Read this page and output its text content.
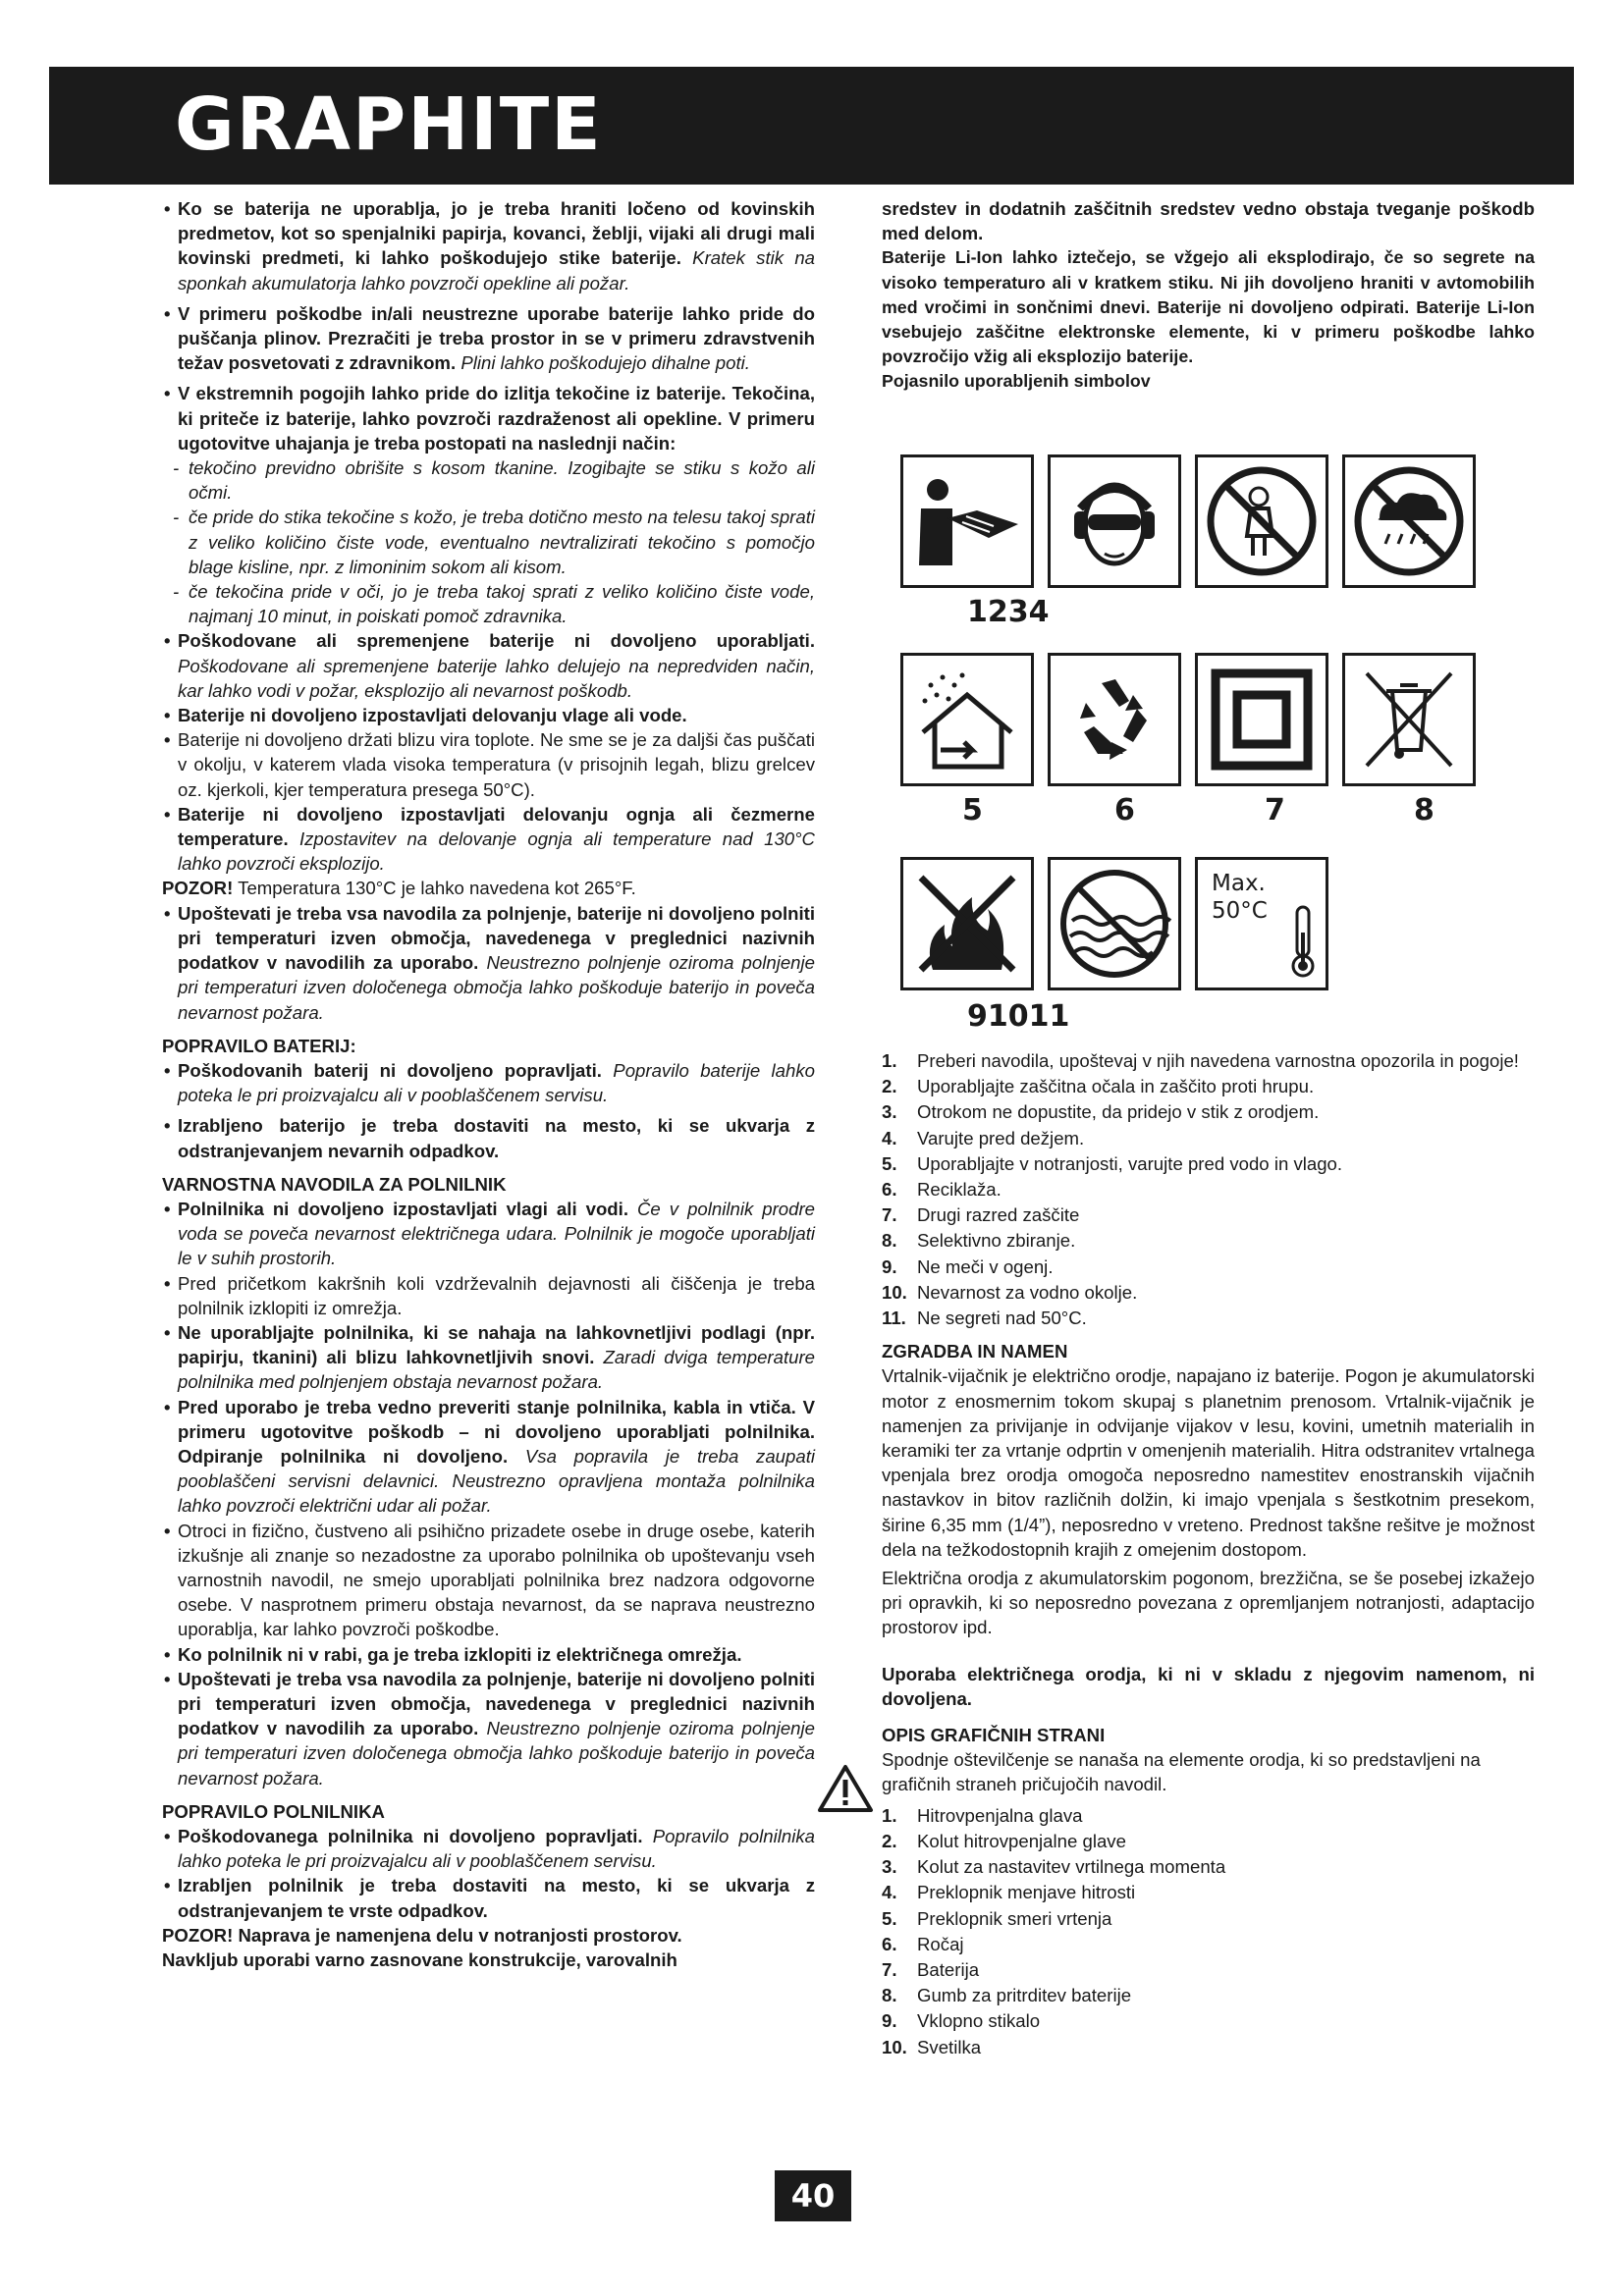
GRAPHITE

• Ko se baterija ne uporablja, jo je treba hraniti ločeno od kovinskih predmetov, kot so spenjalniki papirja, kovanci, žeblji, vijaki ali drugi mali kovinski predmeti, ki lahko poškodujejo stike baterije. Kratek stik na sponkah akumulatorja lahko povzroči opekline ali požar.

• V primeru poškodbe in/ali neustrezne uporabe baterije lahko pride do puščanja plinov. Prezračiti je treba prostor in se v primeru zdravstvenih težav posvetovati z zdravnikom. Plini lahko poškodujejo dihalne poti.

• V ekstremnih pogojih lahko pride do izlitja tekočine iz baterije. Tekočina, ki priteče iz baterije, lahko povzroči razdraženost ali opekline. V primeru ugotovitve uhajanja je treba postopati na naslednji način:

- tekočino previdno obrišite s kosom tkanine. Izogibajte se stiku s kožo ali očmi.

- če pride do stika tekočine s kožo, je treba dotično mesto na telesu takoj sprati z veliko količino čiste vode, eventualno nevtralizirati tekočino s pomočjo blage kisline, npr. z limoninim sokom ali kisom.

- če tekočina pride v oči, jo je treba takoj sprati z veliko količino čiste vode, najmanj 10 minut, in poiskati pomoč zdravnika.

• Poškodovane ali spremenjene baterije ni dovoljeno uporabljati. Poškodovane ali spremenjene baterije lahko delujejo na nepredviden način, kar lahko vodi v požar, eksplozijo ali nevarnost poškodb.

• Baterije ni dovoljeno izpostavljati delovanju vlage ali vode.

• Baterije ni dovoljeno držati blizu vira toplote. Ne sme se je za daljši čas puščati v okolju, v katerem vlada visoka temperatura (v prisojnih legah, blizu grelcev oz. kjerkoli, kjer temperatura presega 50°C).

• Baterije ni dovoljeno izpostavljati delovanju ognja ali čezmerne temperature. Izpostavitev na delovanje ognja ali temperature nad 130°C lahko povzroči eksplozijo.

POZOR! Temperatura 130°C je lahko navedena kot 265°F.

• Upoštevati je treba vsa navodila za polnjenje, baterije ni dovoljeno polniti pri temperaturi izven območja, navedenega v preglednici nazivnih podatkov v navodilih za uporabo. Neustrezno polnjenje oziroma polnjenje pri temperaturi izven določenega območja lahko poškoduje baterijo in poveča nevarnost požara.

POPRAVILO BATERIJ:

• Poškodovanih baterij ni dovoljeno popravljati. Popravilo baterije lahko poteka le pri proizvajalcu ali v pooblaščenem servisu.

• Izrabljeno baterijo je treba dostaviti na mesto, ki se ukvarja z odstranjevanjem nevarnih odpadkov.

VARNOSTNA NAVODILA ZA POLNILNIK

• Polnilnika ni dovoljeno izpostavljati vlagi ali vodi. Če v polnilnik prodre voda se poveča nevarnost električnega udara. Polnilnik je mogoče uporabljati le v suhih prostorih.

• Pred pričetkom kakršnih koli vzdrževalnih dejavnosti ali čiščenja je treba polnilnik izklopiti iz omrežja.

• Ne uporabljajte polnilnika, ki se nahaja na lahkovnetljivi podlagi (npr. papirju, tkanini) ali blizu lahkovnetljivih snovi. Zaradi dviga temperature polnilnika med polnjenjem obstaja nevarnost požara.

• Pred uporabo je treba vedno preveriti stanje polnilnika, kabla in vtiča. V primeru ugotovitve poškodb – ni dovoljeno uporabljati polnilnika. Odpiranje polnilnika ni dovoljeno. Vsa popravila je treba zaupati pooblaščeni servisni delavnici. Neustrezno opravljena montaža polnilnika lahko povzroči električni udar ali požar.

• Otroci in fizično, čustveno ali psihično prizadete osebe in druge osebe, katerih izkušnje ali znanje so nezadostne za uporabo polnilnika ob upoštevanju vseh varnostnih navodil, ne smejo uporabljati polnilnika brez nadzora odgovorne osebe. V nasprotnem primeru obstaja nevarnost, da se naprava neustrezno uporablja, kar lahko povzroči poškodbe.

• Ko polnilnik ni v rabi, ga je treba izklopiti iz električnega omrežja.

• Upoštevati je treba vsa navodila za polnjenje, baterije ni dovoljeno polniti pri temperaturi izven območja, navedenega v preglednici nazivnih podatkov v navodilih za uporabo. Neustrezno polnjenje oziroma polnjenje pri temperaturi izven določenega območja lahko poškoduje baterijo in poveča nevarnost požara.

POPRAVILO POLNILNIKA

• Poškodovanega polnilnika ni dovoljeno popravljati. Popravilo polnilnika lahko poteka le pri proizvajalcu ali v pooblaščenem servisu.

• Izrabljen polnilnik je treba dostaviti na mesto, ki se ukvarja z odstranjevanjem te vrste odpadkov.

POZOR! Naprava je namenjena delu v notranjosti prostorov.

Navkljub uporabi varno zasnovane konstrukcije, varovalnih

sredstev in dodatnih zaščitnih sredstev vedno obstaja tveganje poškodb med delom.

Baterije Li-Ion lahko iztečejo, se vžgejo ali eksplodirajo, če so segrete na visoko temperaturo ali v kratkem stiku. Ni jih dovoljeno hraniti v avtomobilih med vročimi in sončnimi dnevi. Baterije ni dovoljeno odpirati. Baterije Li-Ion vsebujejo zaščitne elektronske elemente, ki v primeru poškodbe lahko povzročijo vžig ali eksplozijo baterije.

Pojasnilo uporabljenih simbolov

1234
5	6	7	8
Max.
50°C
91011
1. Preberi navodila, upoštevaj v njih navedena varnostna opozorila in pogoje!
2. Uporabljajte zaščitna očala in zaščito proti hrupu.
3. Otrokom ne dopustite, da pridejo v stik z orodjem.
4. Varujte pred dežjem.
5. Uporabljajte v notranjosti, varujte pred vodo in vlago.
6. Reciklaža.
7. Drugi razred zaščite
8. Selektivno zbiranje.
9. Ne meči v ogenj.
10. Nevarnost za vodno okolje.
11. Ne segreti nad 50°C.

ZGRADBA IN NAMEN

Vrtalnik-vijačnik je električno orodje, napajano iz baterije. Pogon je akumulatorski motor z enosmernim tokom skupaj s planetnim prenosom. Vrtalnik-vijačnik je namenjen za privijanje in odvijanje vijakov v lesu, kovini, umetnih materialih in keramiki ter za vrtanje odprtin v omenjenih materialih. Hitra odstranitev vrtalnega vpenjala brez orodja omogoča neposredno namestitev enostranskih vijačnih nastavkov in bitov različnih dolžin, ki imajo vpenjala s šestkotnim presekom, širine 6,35 mm (1/4”), neposredno v vreteno. Prednost takšne rešitve je možnost dela na težkodostopnih krajih z omejenim dostopom.

Električna orodja z akumulatorskim pogonom, brezžična, se še posebej izkažejo pri opravkih, ki so neposredno povezana z opremljanjem notranjosti, adaptacijo prostorov ipd.

Uporaba električnega orodja, ki ni v skladu z njegovim namenom, ni dovoljena.

OPIS GRAFIČNIH STRANI

Spodnje oštevilčenje se nanaša na elemente orodja, ki so predstavljeni na grafičnih straneh pričujočih navodil.

1. Hitrovpenjalna glava
2. Kolut hitrovpenjalne glave
3. Kolut za nastavitev vrtilnega momenta
4. Preklopnik menjave hitrosti
5. Preklopnik smeri vrtenja
6. Ročaj
7. Baterija
8. Gumb za pritrditev baterije
9. Vklopno stikalo
10. Svetilka
40
